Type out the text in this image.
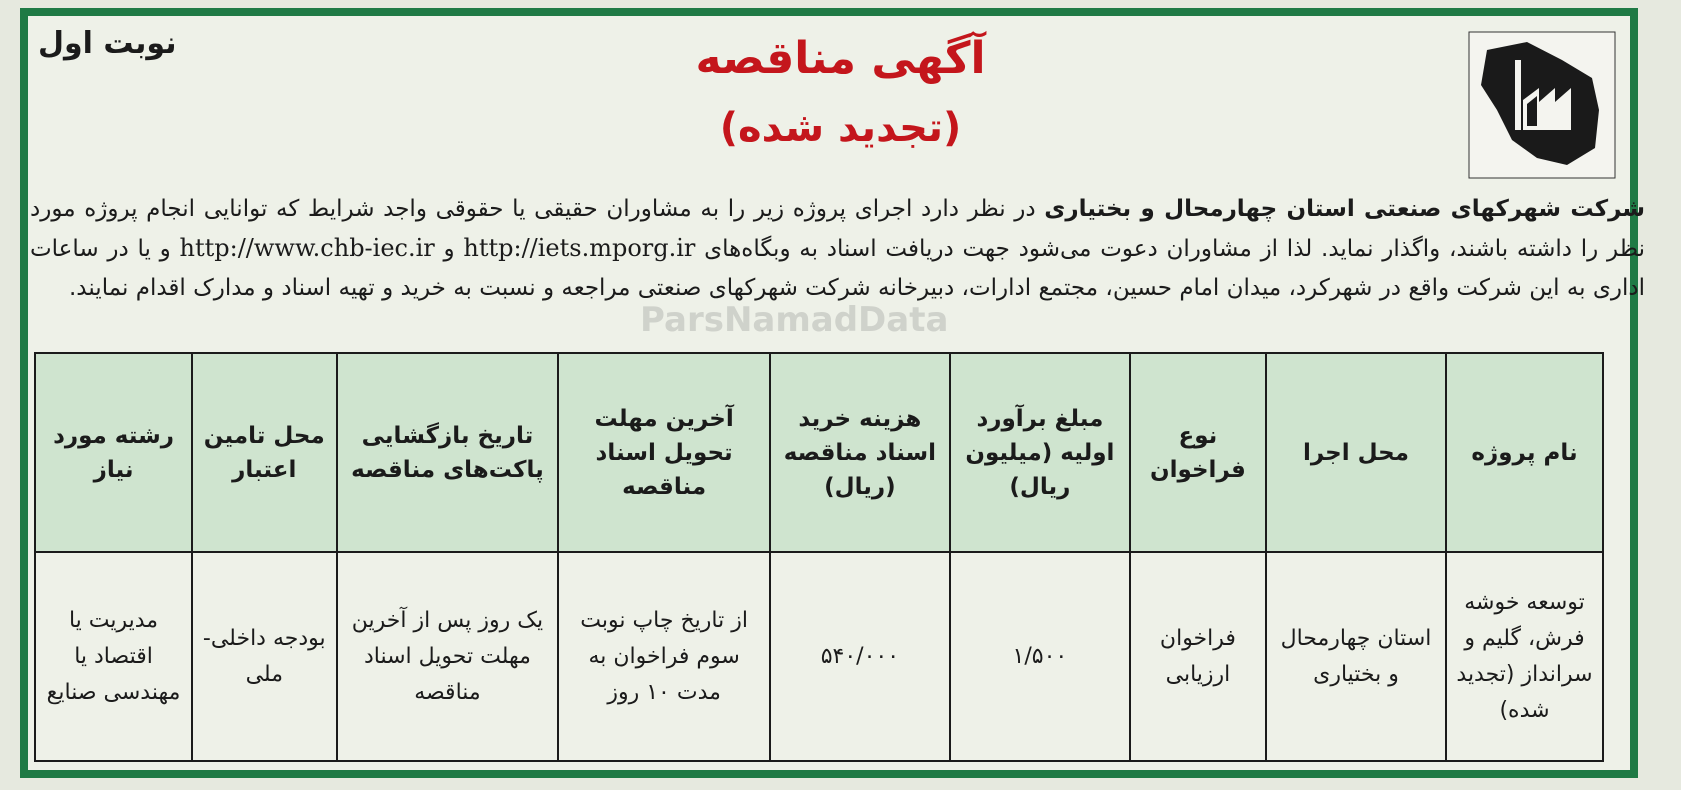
نوبت اول	آگهی مناقصه
(تجدید شده)
ParsNamadData
شرکت شهرکهای صنعتی استان چهارمحال و بختیاری در نظر دارد اجرای پروژه زیر را به مشاوران حقیقی یا حقوقی واجد شرایط که توانایی انجام پروژه مورد نظر را داشته باشند، واگذار نماید. لذا از مشاوران دعوت می‌شود جهت دریافت اسناد به وبگاه‌های http://iets.mporg.ir و http://www.chb-iec.ir و یا در ساعات اداری به این شرکت واقع در شهرکرد، میدان امام حسین، مجتمع ادارات، دبیرخانه شرکت شهرکهای صنعتی مراجعه و نسبت به خرید و تهیه اسناد و مدارک اقدام نمایند.
نام پروژه	محل اجرا	نوع فراخوان	مبلغ برآورد اولیه (میلیون ریال)	هزینه خرید اسناد مناقصه (ریال)	آخرین مهلت تحویل اسناد مناقصه	تاریخ بازگشایی پاکت‌های مناقصه	محل تامین اعتبار	رشته مورد نیاز
توسعه خوشه فرش، گلیم و سرانداز (تجدید شده)	استان چهارمحال و بختیاری	فراخوان ارزیابی	۱/۵۰۰	۵۴۰/۰۰۰	از تاریخ چاپ نوبت سوم فراخوان به مدت ۱۰ روز	یک روز پس از آخرین مهلت تحویل اسناد مناقصه	بودجه داخلی-ملی	مدیریت یا اقتصاد یا مهندسی صنایع
